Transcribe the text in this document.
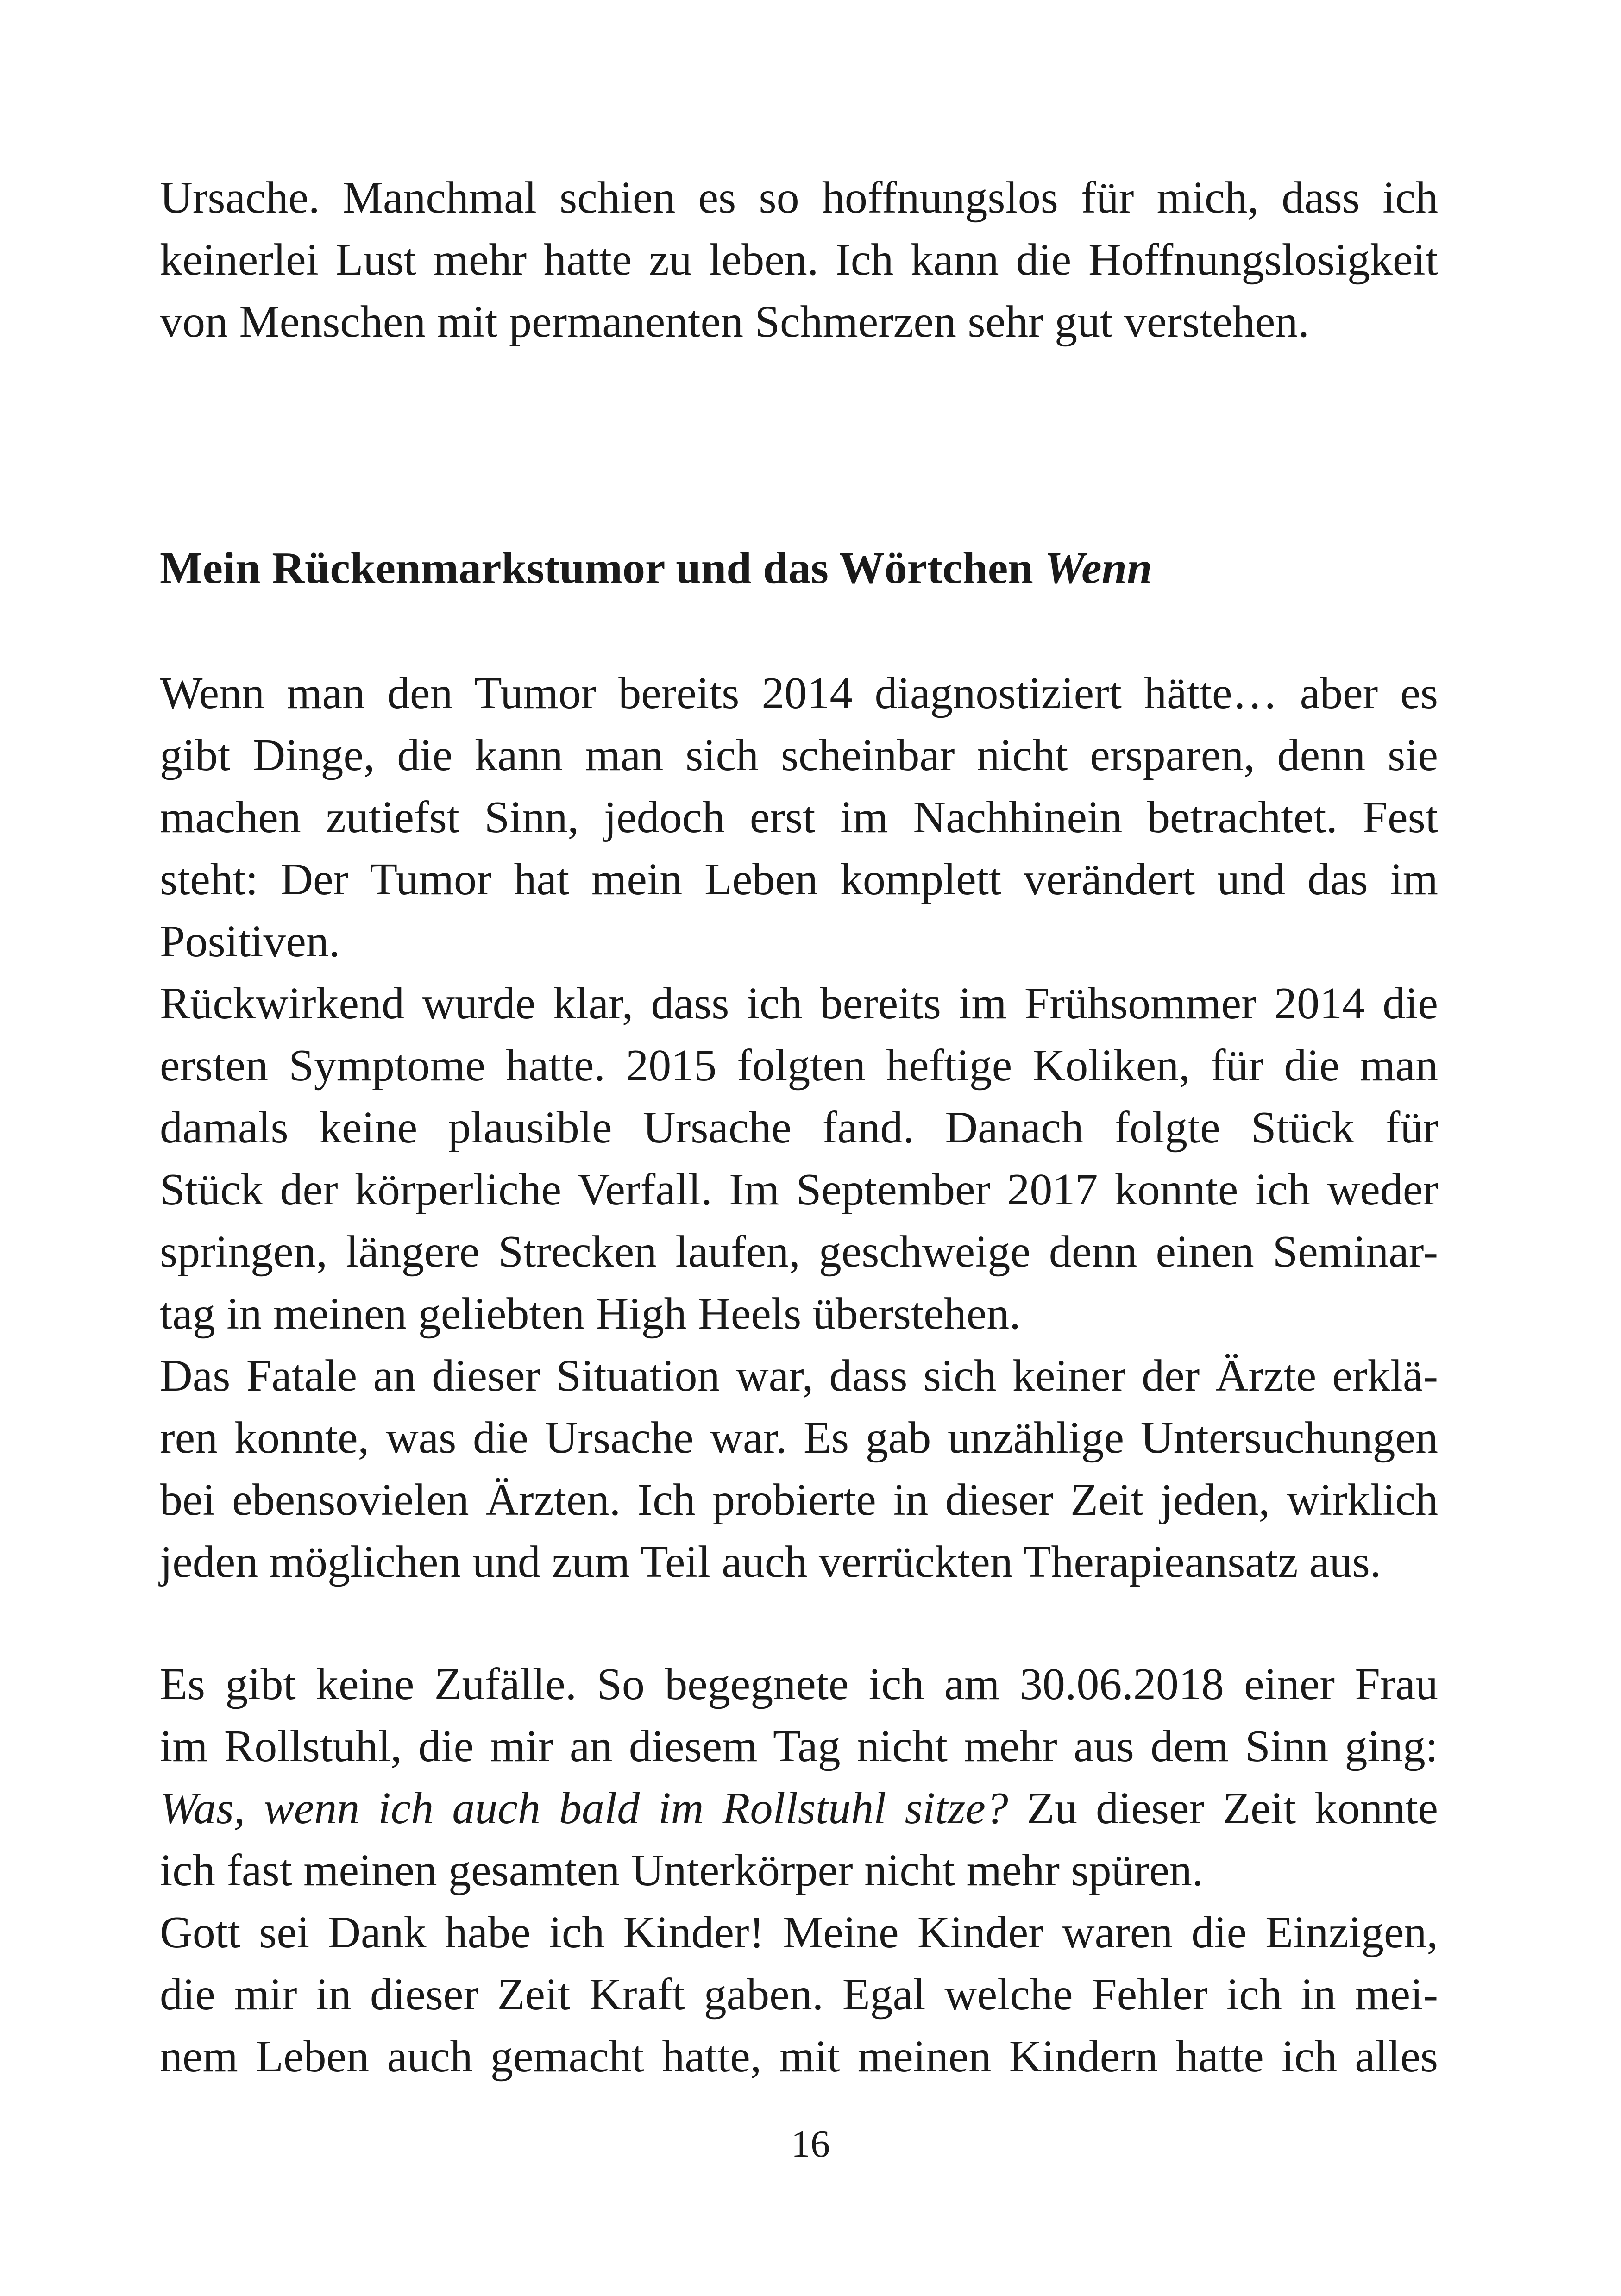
Ursache. Manchmal schien es so hoffnungslos für mich, dass ich
keinerlei Lust mehr hatte zu leben. Ich kann die Hoffnungslosigkeit
von Menschen mit permanenten Schmerzen sehr gut verstehen.
Mein Rückenmarkstumor und das Wörtchen Wenn
Wenn man den Tumor bereits 2014 diagnostiziert hätte… aber es
gibt Dinge, die kann man sich scheinbar nicht ersparen, denn sie
machen zutiefst Sinn, jedoch erst im Nachhinein betrachtet. Fest
steht: Der Tumor hat mein Leben komplett verändert und das im
Positiven.
Rückwirkend wurde klar, dass ich bereits im Frühsommer 2014 die
ersten Symptome hatte. 2015 folgten heftige Koliken, für die man
damals keine plausible Ursache fand. Danach folgte Stück für
Stück der körperliche Verfall. Im September 2017 konnte ich weder
springen, längere Strecken laufen, geschweige denn einen Seminar-
tag in meinen geliebten High Heels überstehen.
Das Fatale an dieser Situation war, dass sich keiner der Ärzte erklä-
ren konnte, was die Ursache war. Es gab unzählige Untersuchungen
bei ebensovielen Ärzten. Ich probierte in dieser Zeit jeden, wirklich
jeden möglichen und zum Teil auch verrückten Therapieansatz aus.
Es gibt keine Zufälle. So begegnete ich am 30.06.2018 einer Frau
im Rollstuhl, die mir an diesem Tag nicht mehr aus dem Sinn ging:
Was, wenn ich auch bald im Rollstuhl sitze? Zu dieser Zeit konnte
ich fast meinen gesamten Unterkörper nicht mehr spüren.
Gott sei Dank habe ich Kinder! Meine Kinder waren die Einzigen,
die mir in dieser Zeit Kraft gaben. Egal welche Fehler ich in mei-
nem Leben auch gemacht hatte, mit meinen Kindern hatte ich alles
16
